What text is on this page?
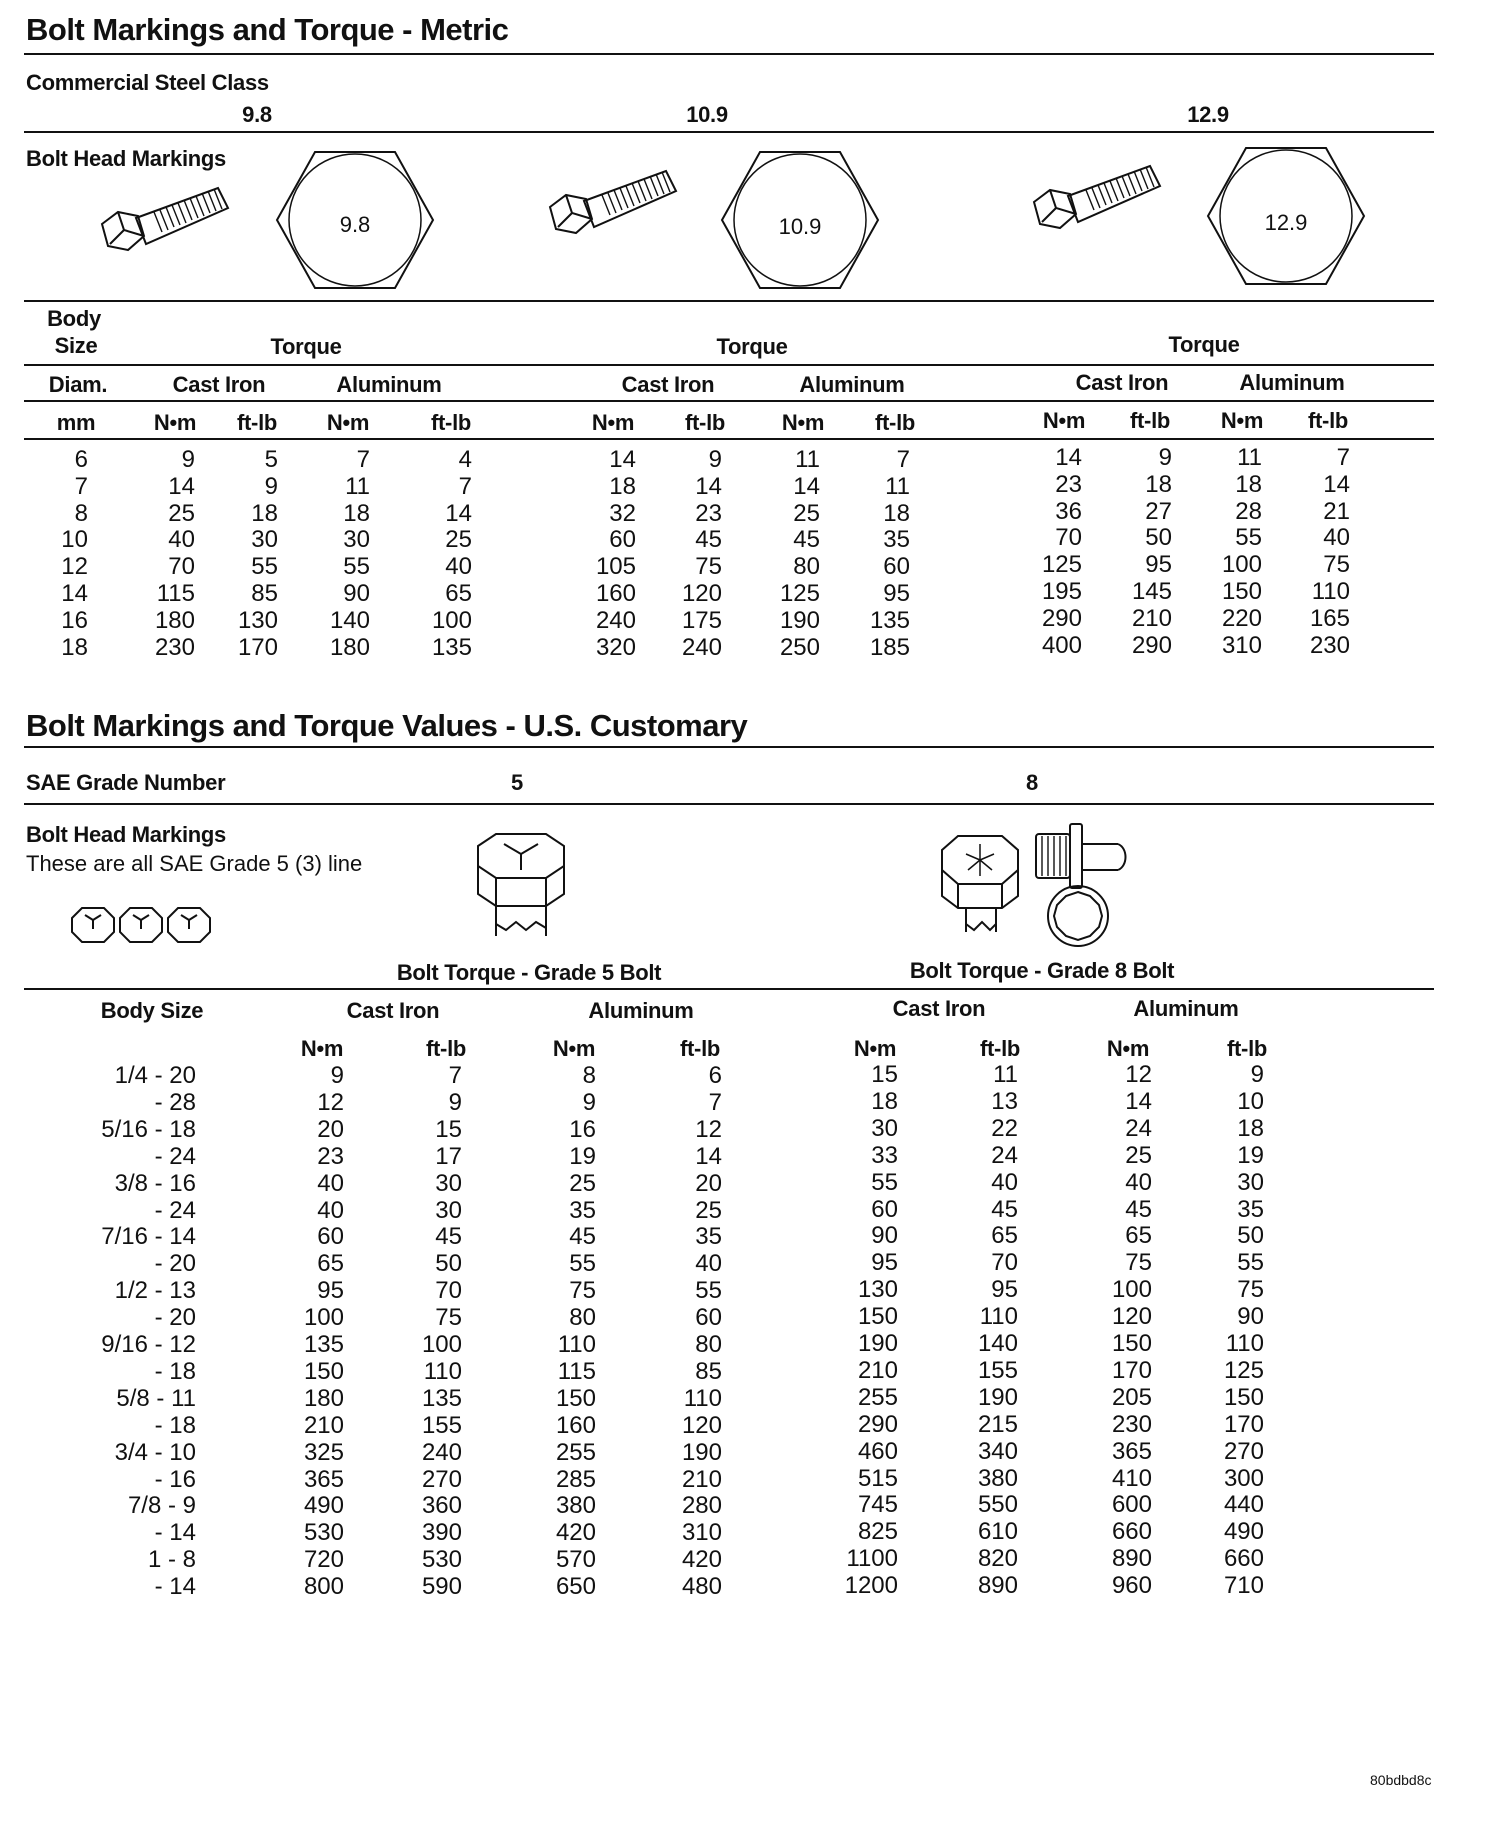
Bolt Markings and Torque - Metric
Commercial Steel Class
9.8	10.9	12.9
Bolt Head Markings
9.8	10.9	12.9
Body
Size	Torque	Torque	Torque
Diam.	Cast Iron	Aluminum	Cast Iron	Aluminum	Cast Iron	Aluminum
mm	N•m ft-lb N•m	ft-lb	N•m ft-lb	N•m ft-lb	N•m ft-lb N•m ft-lb
6	9	5	7	4	14	9	11	7	14	9	11	7
7	14	9	11	7	18 14	14	11	23	18	18	14
8	25 18	18	14	32 23	25	18	36	27	28	21
10	40 30	30	25	60 45	45	35	70	50	55	40
12	70 55	55	40	105 75	80	60	125	95 100	75
14	115 85	90	65	160 120 125	95	195 145 150 110
16	180 130 140	100	240 175 190 135	290 210 220 165
18	230 170 180	135	320 240 250 185	400 290 310 230
Bolt Markings and Torque Values - U.S. Customary
SAE Grade Number	5	8
Bolt Head Markings
These are all SAE Grade 5 (3) line
Bolt Torque - Grade 5 Bolt	Bolt Torque - Grade 8 Bolt
Body Size	Cast Iron	Aluminum	Cast Iron	Aluminum
N•m	ft-lb	N•m	ft-lb	N•m	ft-lb	N•m	ft-lb
1/4 - 20	9	7	8	6	15	11	12	9
- 28	12	9	9	7	18	13	14	10
5/16 - 18	20	15	16	12	30	22	24	18
- 24	23	17	19	14	33	24	25	19
3/8 - 16	40	30	25	20	55	40	40	30
- 24	40	30	35	25	60	45	45	35
7/16 - 14	60	45	45	35	90	65	65	50
- 20	65	50	55	40	95	70	75	55
1/2 - 13	95	70	75	55	130	95	100	75
- 20	100	75	80	60	150	110	120	90
9/16 - 12	135	100	110	80	190	140	150	110
- 18	150	110	115	85	210	155	170	125
5/8 - 11	180	135	150	110	255	190	205	150
- 18	210	155	160	120	290	215	230	170
3/4 - 10	325	240	255	190	460	340	365	270
- 16	365	270	285	210	515	380	410	300
7/8 - 9	490	360	380	280	745	550	600	440
- 14	530	390	420	310	825	610	660	490
1 - 8	720	530	570	420	1100	820	890	660
- 14	800	590	650	480	1200	890	960	710
80bdbd8c
